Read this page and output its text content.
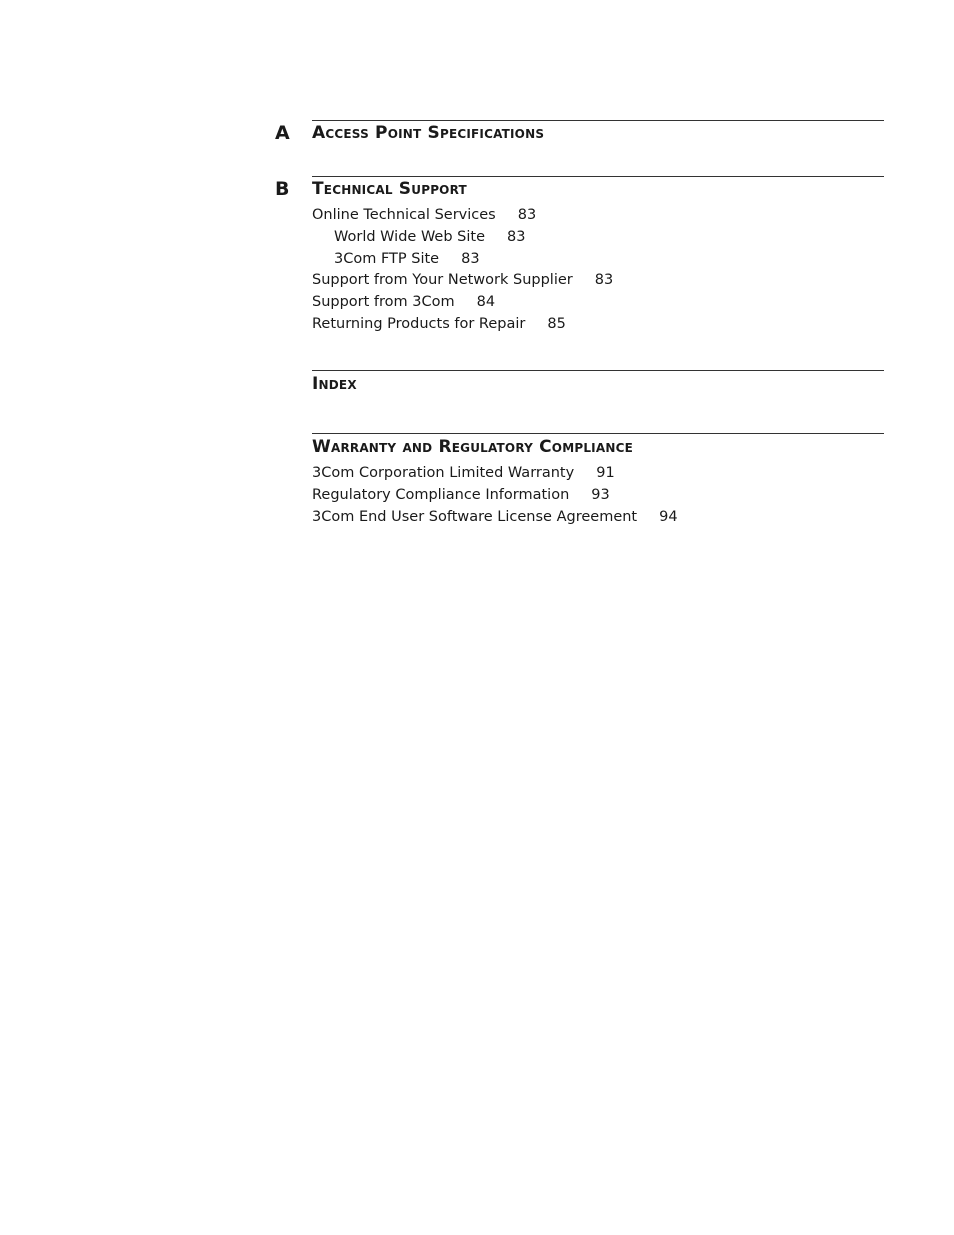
A Access Point Specifications
B Technical Support
Online Technical Services 83
World Wide Web Site 83
3Com FTP Site 83
Support from Your Network Supplier 83
Support from 3Com 84
Returning Products for Repair 85
Index
Warranty and Regulatory Compliance
3Com Corporation Limited Warranty 91
Regulatory Compliance Information 93
3Com End User Software License Agreement 94
